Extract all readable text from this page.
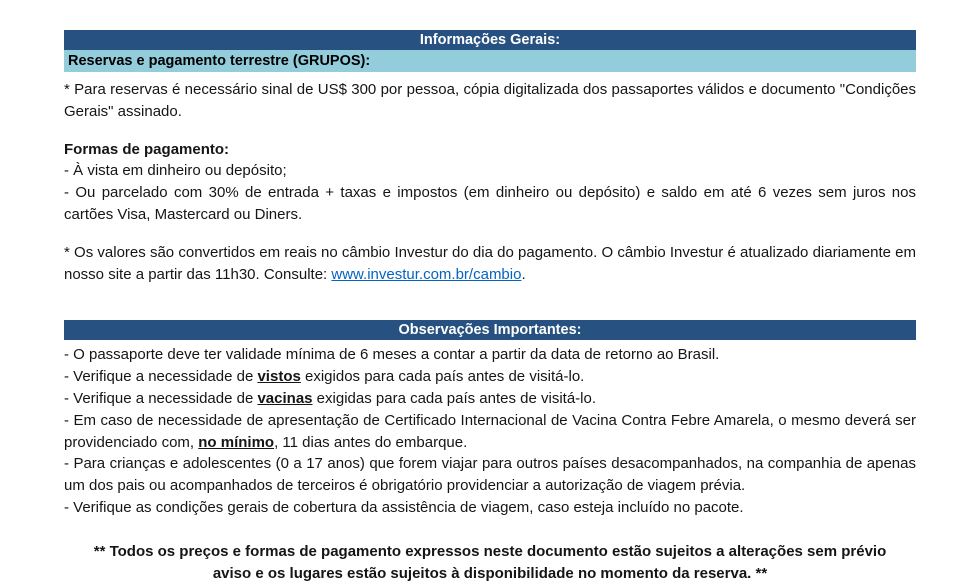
Informações Gerais:
Reservas e pagamento terrestre (GRUPOS):

* Para reservas é necessário sinal de US$ 300 por pessoa, cópia digitalizada dos passaportes válidos e documento "Condições Gerais" assinado.

Formas de pagamento:

- À vista em dinheiro ou depósito;

- Ou parcelado com 30% de entrada + taxas e impostos (em dinheiro ou depósito) e saldo em até 6 vezes sem juros nos cartões Visa, Mastercard ou Diners.

* Os valores são convertidos em reais no câmbio Investur do dia do pagamento. O câmbio Investur é atualizado diariamente em nosso site a partir das 11h30. Consulte: www.investur.com.br/cambio.

Observações Importantes:

- O passaporte deve ter validade mínima de 6 meses a contar a partir da data de retorno ao Brasil.

- Verifique a necessidade de vistos exigidos para cada país antes de visitá-lo.

- Verifique a necessidade de vacinas exigidas para cada país antes de visitá-lo.

- Em caso de necessidade de apresentação de Certificado Internacional de Vacina Contra Febre Amarela, o mesmo deverá ser providenciado com, no mínimo, 11 dias antes do embarque.

- Para crianças e adolescentes (0 a 17 anos) que forem viajar para outros países desacompanhados, na companhia de apenas um dos pais ou acompanhados de terceiros é obrigatório providenciar a autorização de viagem prévia.

- Verifique as condições gerais de cobertura da assistência de viagem, caso esteja incluído no pacote.

** Todos os preços e formas de pagamento expressos neste documento estão sujeitos a alterações sem prévio aviso e os lugares estão sujeitos à disponibilidade no momento da reserva. **
